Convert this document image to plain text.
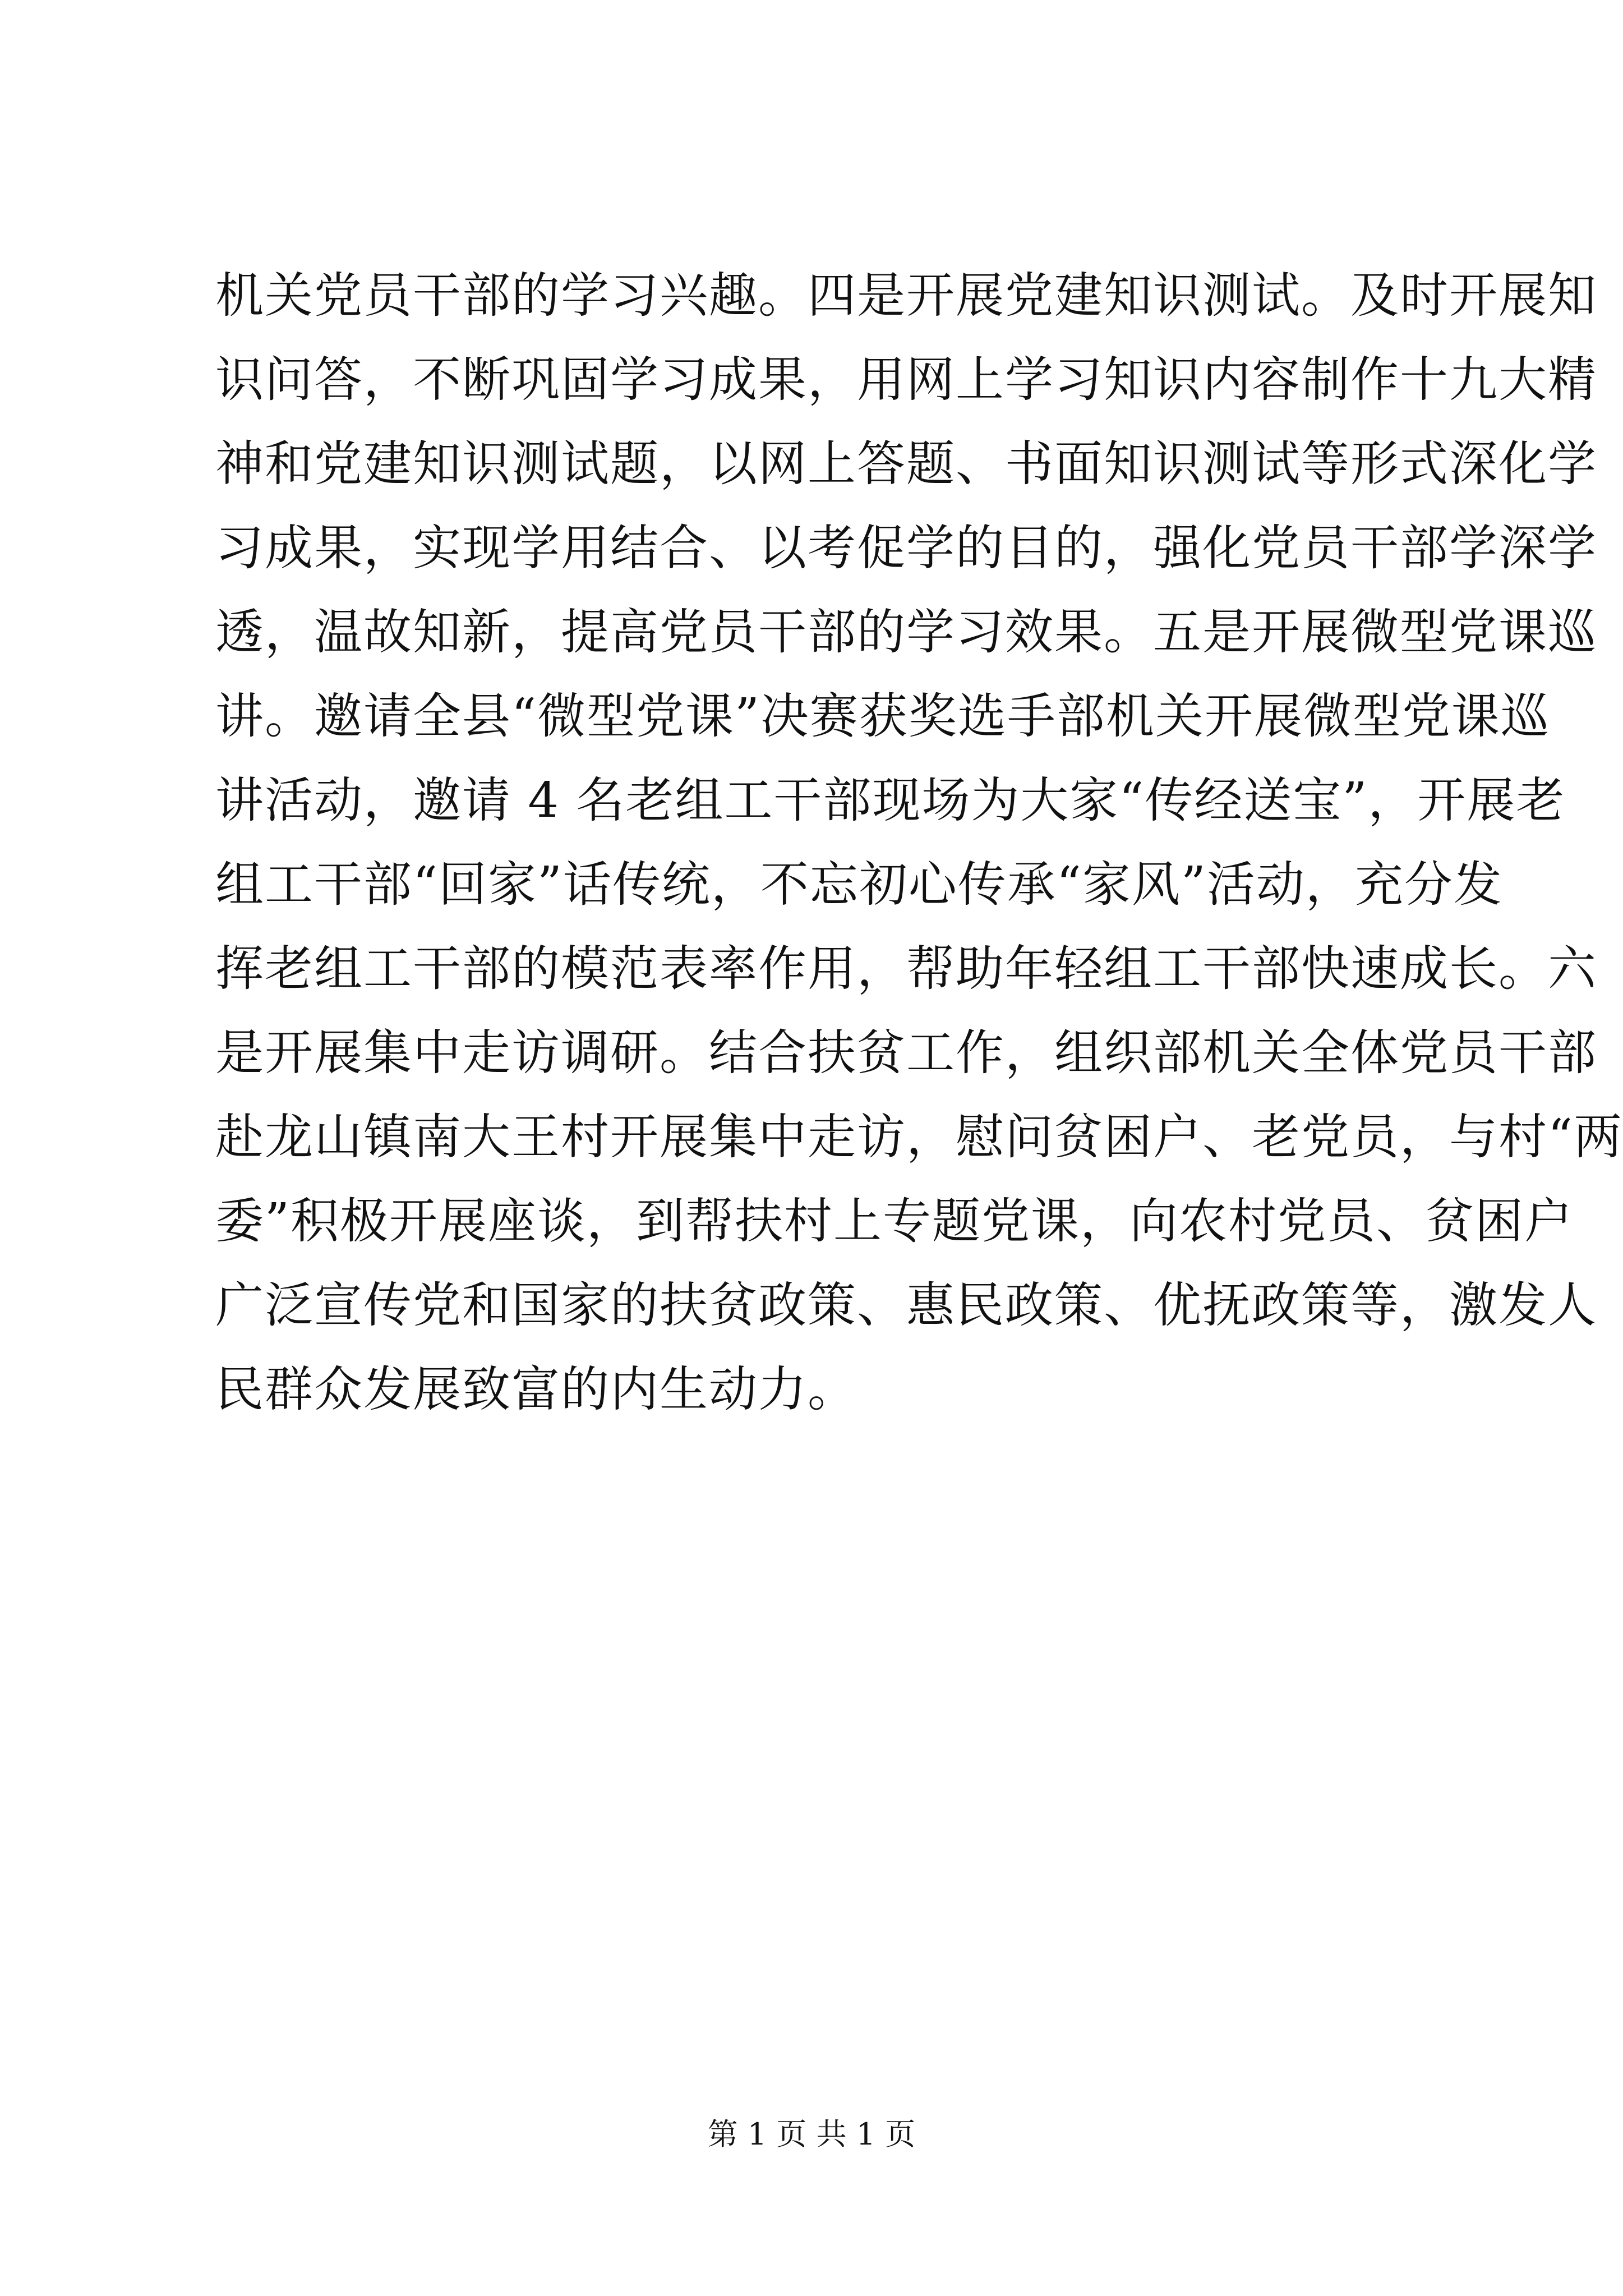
机关党员干部的学习兴趣。四是开展党建知识测试。及时开展知
识问答，不断巩固学习成果，用网上学习知识内容制作十九大精
神和党建知识测试题，以网上答题、书面知识测试等形式深化学
习成果，实现学用结合、以考促学的目的，强化党员干部学深学
透，温故知新，提高党员干部的学习效果。五是开展微型党课巡
讲。邀请全县“微型党课”决赛获奖选手部机关开展微型党课巡
讲活动，邀请 4 名老组工干部现场为大家“传经送宝”，开展老
组工干部“回家”话传统，不忘初心传承“家风”活动，充分发
挥老组工干部的模范表率作用，帮助年轻组工干部快速成长。六
是开展集中走访调研。结合扶贫工作，组织部机关全体党员干部
赴龙山镇南大王村开展集中走访，慰问贫困户、老党员，与村“两
委”积极开展座谈，到帮扶村上专题党课，向农村党员、贫困户
广泛宣传党和国家的扶贫政策、惠民政策、优抚政策等，激发人
民群众发展致富的内生动力。
第 1 页 共 1 页
